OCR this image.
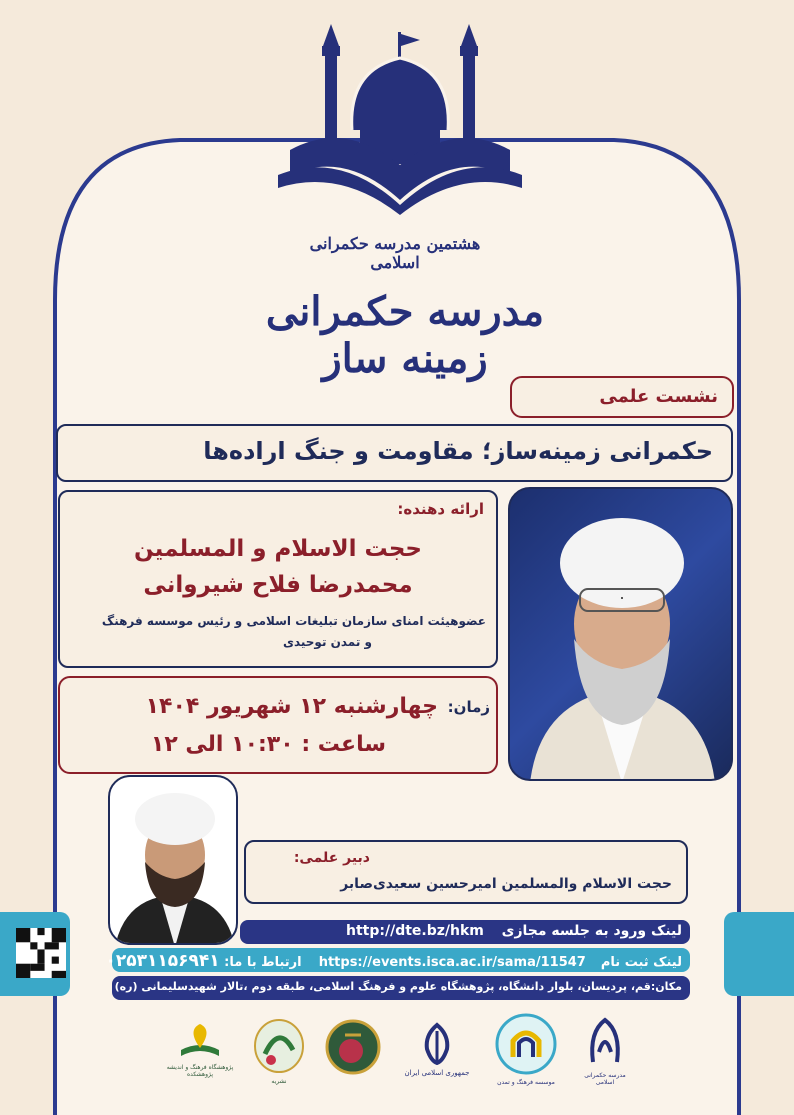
هشتمین مدرسه حکمرانی اسلامی
مدرسه حکمرانی زمینه ساز
نشست علمی
حکمرانی زمینه‌ساز؛ مقاومت و جنگ اراده‌ها
ارائه دهنده:
حجت الاسلام و المسلمین
محمدرضا فلاح شیروانی
عضوهیئت امنای سازمان تبلیغات اسلامی و رئیس موسسه فرهنگ
و تمدن توحیدی
چهارشنبه ۱۲ شهریور ۱۴۰۴ زمان:
ساعت : ۱۰:۳۰ الی ۱۲
دبیر علمی:
حجت الاسلام والمسلمین امیرحسین سعیدی‌صابر
لینک ورود به جلسه مجازی  http://dte.bz/hkm
لینک ثبت نام  https://events.isca.ac.ir/sama/11547  ارتباط با ما: ۰۲۵۳۱۱۵۶۹۴۱
مکان:قم، پردیسان، بلوار دانشگاه، پژوهشگاه علوم و فرهنگ اسلامی، طبقه دوم ،تالار شهیدسلیمانی (ره)
مدرسه حکمرانی اسلامی
موسسه فرهنگ و تمدن
جمهوری اسلامی ایران
نشریه
پژوهشگاه فرهنگ و اندیشه
پژوهشکده
